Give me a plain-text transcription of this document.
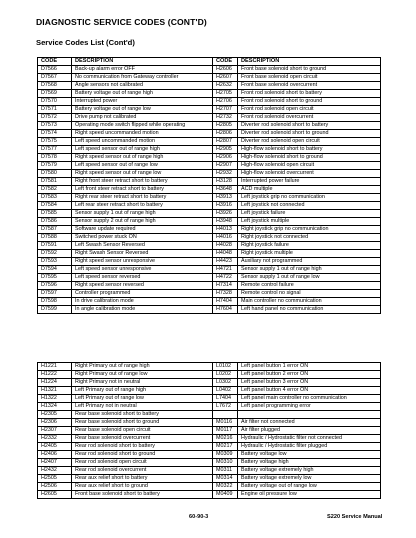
DIAGNOSTIC SERVICE CODES (CONT'D)
Service Codes List (Cont'd)
CODE	DESCRIPTION	CODE	DESCRIPTION
D7566	Back-up alarm error OFF	H2606	Front base solenoid short to ground
D7567	No communication from Gateway controller	H2607	Front base solenoid open circuit
D7568	Angle sensors not calibrated	H2632	Front base solenoid overcurrent
D7569	Battery voltage out of range high	H2705	Front rod solenoid short to battery
D7570	Interrupted power	H2706	Front rod solenoid short to ground
D7571	Battery voltage out of range low	H2707	Front rod solenoid open circuit
D7572	Drive pump not calibrated	H2732	Front rod solenoid overcurrent
D7573	Operating mode switch flipped while operating	H2805	Diverter rod solenoid short to battery
D7574	Right speed uncommanded motion	H2806	Diverter rod solenoid short to ground
D7575	Left speed uncommanded motion	H2807	Diverter rod solenoid open circuit
D7577	Left speed sensor out of range high	H2905	High-flow solenoid short to battery
D7578	Right speed sensor out of range high	H2906	High-flow solenoid short to ground
D7579	Left speed sensor out of range low	H2907	High-flow solenoid open circuit
D7580	Right speed sensor out of range low	H2932	High-flow solenoid overcurrent
D7581	Right front steer retract short to battery	H3128	Interrupted power failure
D7582	Left front steer retract short to battery	H3648	ACD multiple
D7583	Right rear steer retract short to battery	H3913	Left joystick grip no communication
D7584	Left rear steer retract short to battery	H3916	Left joystick not connected
D7585	Sensor supply 1 out of range high	H3926	Left joystick failure
D7586	Sensor supply 2 out of range high	H3948	Left joystick multiple
D7587	Software update required	H4013	Right joystick grip no communication
D7588	Switched power stuck ON	H4016	Right joystick not connected
D7591	Left Swash Sensor Reversed	H4028	Right joystick failure
D7592	Right Swash Sensor Reversed	H4048	Right joystick multiple
D7593	Right speed sensor unresponsive	H4423	Auxiliary not programmed
D7594	Left speed sensor unresponsive	H4721	Sensor supply 1 out of range high
D7595	Left speed sensor reversed	H4722	Sensor supply 1 out of range low
D7596	Right speed sensor reversed	H7314	Remote control failure
D7597	Controller programmed	H7328	Remote control no signal
D7598	In drive calibration mode	H7404	Main controller no communication
D7599	In angle calibration mode	H7604	Left hand panel no communication
H1221	Right Primary out of range high	L0102	Left panel button 1 error ON
H1222	Right Primary out of range low	L0202	Left panel button 2 error ON
H1224	Right Primary not in neutral	L0302	Left panel button 3 error ON
H1321	Left Primary out of range high	L0402	Left panel button 4 error ON
H1322	Left Primary out of range low	L7404	Left panel main controller no communication
H1324	Left Primary not in neutral	L7672	Left panel programming error
H2305	Rear base solenoid short to battery		
H2306	Rear base solenoid short to ground	M0116	Air filter not connected
H2307	Rear base solenoid open circuit	M0117	Air filter plugged
H2332	Rear base solenoid overcurrent	M0216	Hydraulic / Hydrostatic filter not connected
H2405	Rear rod solenoid short to battery	M0217	Hydraulic / Hydrostatic filter plugged
H2406	Rear rod solenoid short to ground	M0309	Battery voltage low
H2407	Rear rod solenoid open circuit	M0310	Battery voltage high
H2432	Rear rod solenoid overcurrent	M0311	Battery voltage extremely high
H2505	Rear aux relief short to battery	M0314	Battery voltage extremely low
H2506	Rear aux relief short to ground	M0322	Battery voltage out of range low
H2605	Front base solenoid short to battery	M0409	Engine oil pressure low
60-90-3	S220 Service Manual
